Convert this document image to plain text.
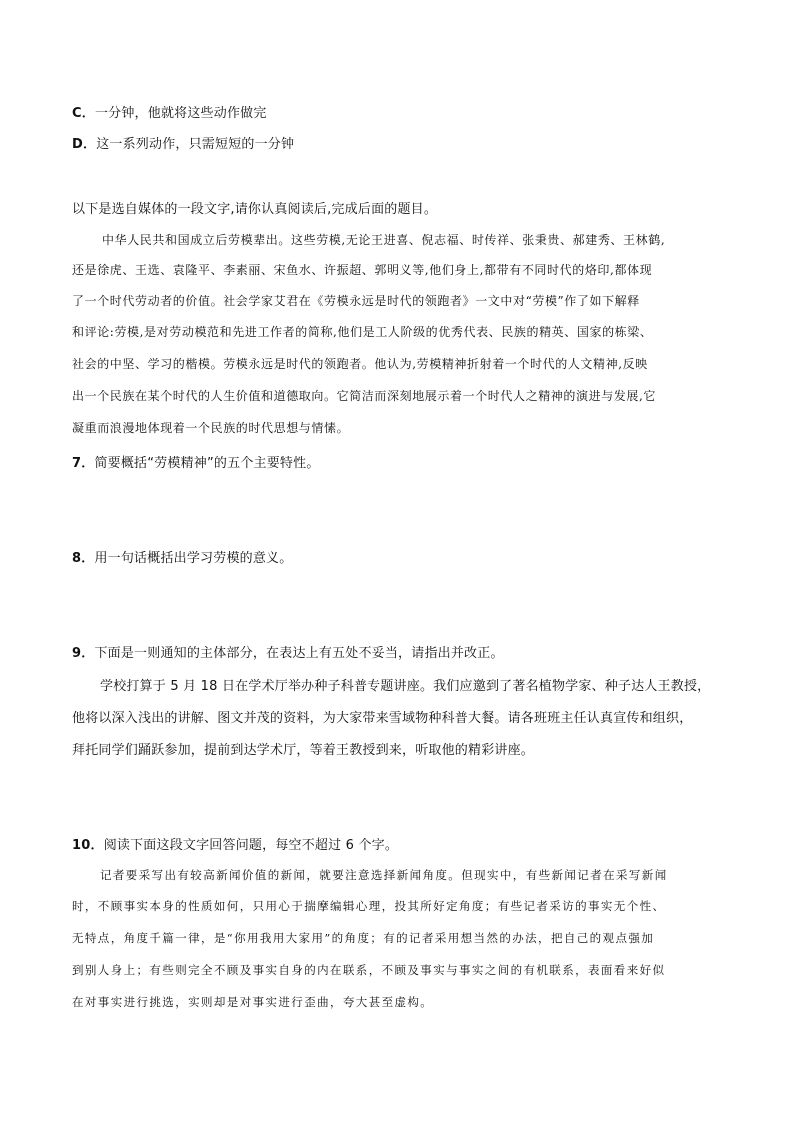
C．一分钟，他就将这些动作做完
D．这一系列动作，只需短短的一分钟
以下是选自媒体的一段文字,请你认真阅读后,完成后面的题目。
中华人民共和国成立后劳模辈出。这些劳模,无论王进喜、倪志福、时传祥、张秉贵、郝建秀、王林鹤,
还是徐虎、王选、袁隆平、李素丽、宋鱼水、许振超、郭明义等,他们身上,都带有不同时代的烙印,都体现
了一个时代劳动者的价值。社会学家艾君在《劳模永远是时代的领跑者》一文中对“劳模”作了如下解释
和评论:劳模,是对劳动模范和先进工作者的简称,他们是工人阶级的优秀代表、民族的精英、国家的栋梁、
社会的中坚、学习的楷模。劳模永远是时代的领跑者。他认为,劳模精神折射着一个时代的人文精神,反映
出一个民族在某个时代的人生价值和道德取向。它简洁而深刻地展示着一个时代人之精神的演进与发展,它
凝重而浪漫地体现着一个民族的时代思想与情愫。
7．简要概括“劳模精神”的五个主要特性。
8．用一句话概括出学习劳模的意义。
9．下面是一则通知的主体部分，在表达上有五处不妥当，请指出并改正。
学校打算于 5 月 18 日在学术厅举办种子科普专题讲座。我们应邀到了著名植物学家、种子达人王教授，
他将以深入浅出的讲解、图文并茂的资料，为大家带来雪域物种科普大餐。请各班班主任认真宣传和组织，
拜托同学们踊跃参加，提前到达学术厅，等着王教授到来，听取他的精彩讲座。
10．阅读下面这段文字回答问题，每空不超过 6 个字。
记者要采写出有较高新闻价值的新闻，就要注意选择新闻角度。但现实中，有些新闻记者在采写新闻
时，不顾事实本身的性质如何，只用心于揣摩编辑心理，投其所好定角度；有些记者采访的事实无个性、
无特点，角度千篇一律，是“你用我用大家用”的角度；有的记者采用想当然的办法，把自己的观点强加
到别人身上；有些则完全不顾及事实自身的内在联系，不顾及事实与事实之间的有机联系，表面看来好似
在对事实进行挑选，实则却是对事实进行歪曲，夸大甚至虚构。
